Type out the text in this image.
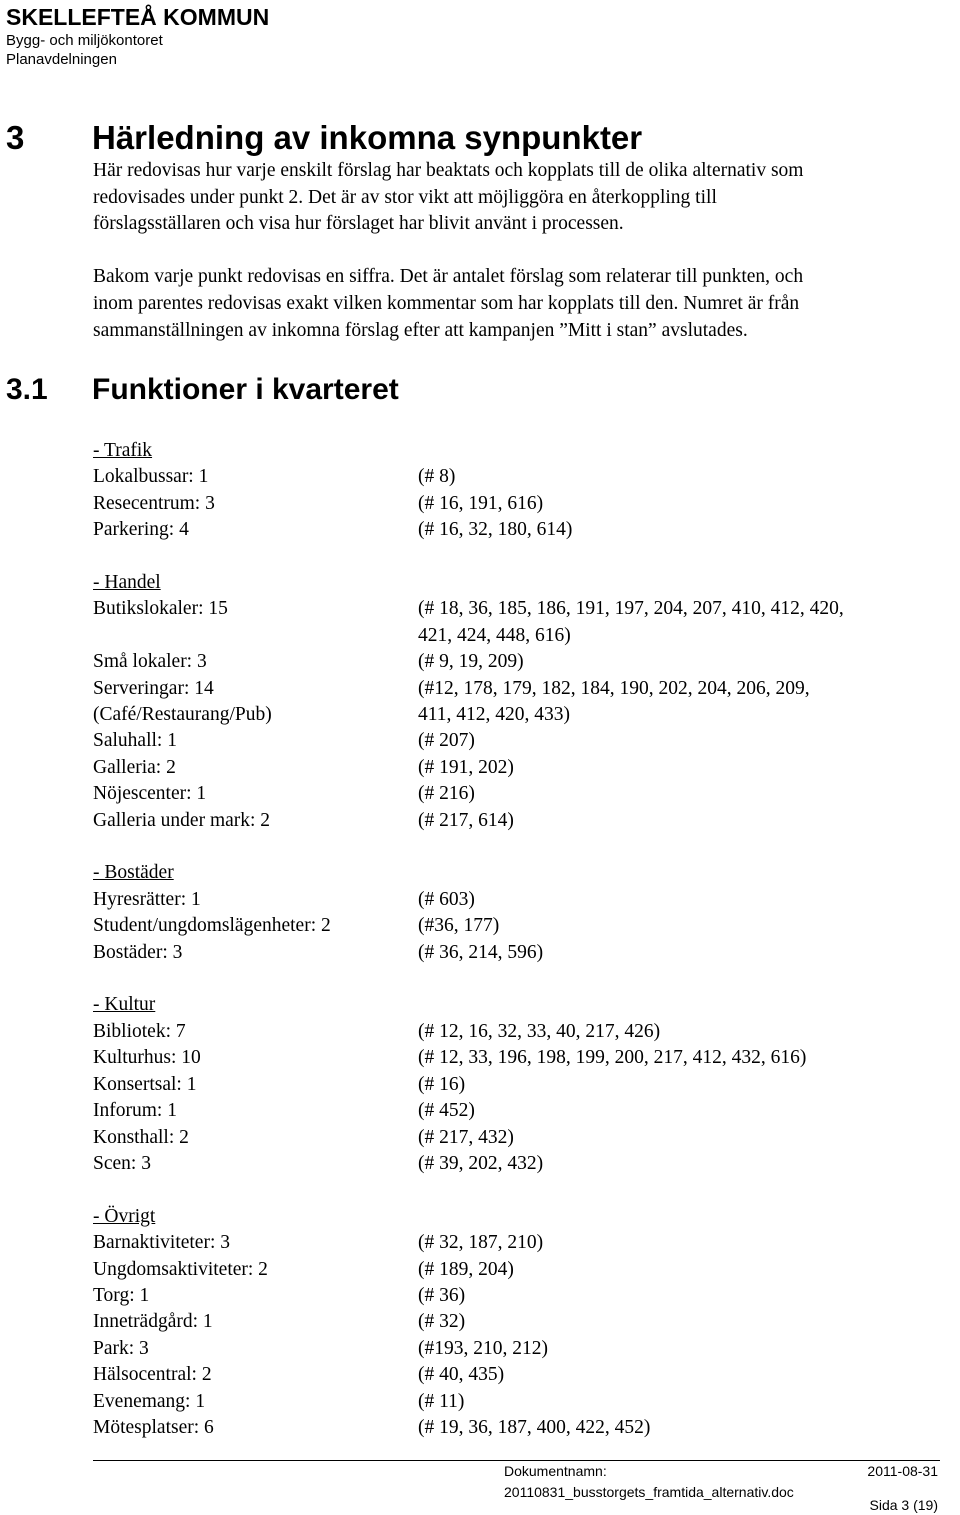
SKELLEFTEÅ KOMMUN
Bygg- och miljökontoret
Planavdelningen
3 Härledning av inkomna synpunkter

Här redovisas hur varje enskilt förslag har beaktats och kopplats till de olika alternativ som

redovisades under punkt 2. Det är av stor vikt att möjliggöra en återkoppling till

förslagsställaren och visa hur förslaget har blivit använt i processen.

Bakom varje punkt redovisas en siffra. Det är antalet förslag som relaterar till punkten, och

inom parentes redovisas exakt vilken kommentar som har kopplats till den. Numret är från

sammanställningen av inkomna förslag efter att kampanjen ”Mitt i stan” avslutades.

3.1 Funktioner i kvarteret
- Trafik
Lokalbussar: 1	(# 8)
Resecentrum: 3	(# 16, 191, 616)
Parkering: 4	(# 16, 32, 180, 614)
- Handel
Butikslokaler: 15	(# 18, 36, 185, 186, 191, 197, 204, 207, 410, 412, 420,
421, 424, 448, 616)
Små lokaler: 3	(# 9, 19, 209)
Serveringar: 14	(#12, 178, 179, 182, 184, 190, 202, 204, 206, 209,
(Café/Restaurang/Pub)	411, 412, 420, 433)
Saluhall: 1	(# 207)
Galleria: 2	(# 191, 202)
Nöjescenter: 1	(# 216)
Galleria under mark: 2	(# 217, 614)
- Bostäder
Hyresrätter: 1	(# 603)
Student/ungdomslägenheter: 2	(#36, 177)
Bostäder: 3	(# 36, 214, 596)
- Kultur
Bibliotek: 7	(# 12, 16, 32, 33, 40, 217, 426)
Kulturhus: 10	(# 12, 33, 196, 198, 199, 200, 217, 412, 432, 616)
Konsertsal: 1	(# 16)
Inforum: 1	(# 452)
Konsthall: 2	(# 217, 432)
Scen: 3	(# 39, 202, 432)
- Övrigt
Barnaktiviteter: 3	(# 32, 187, 210)
Ungdomsaktiviteter: 2	(# 189, 204)
Torg: 1	(# 36)
Inneträdgård: 1	(# 32)
Park: 3	(#193, 210, 212)
Hälsocentral: 2	(# 40, 435)
Evenemang: 1	(# 11)
Mötesplatser: 6	(# 19, 36, 187, 400, 422, 452)
Dokumentnamn:	2011-08-31
20110831_busstorgets_framtida_alternativ.doc
Sida 3 (19)
